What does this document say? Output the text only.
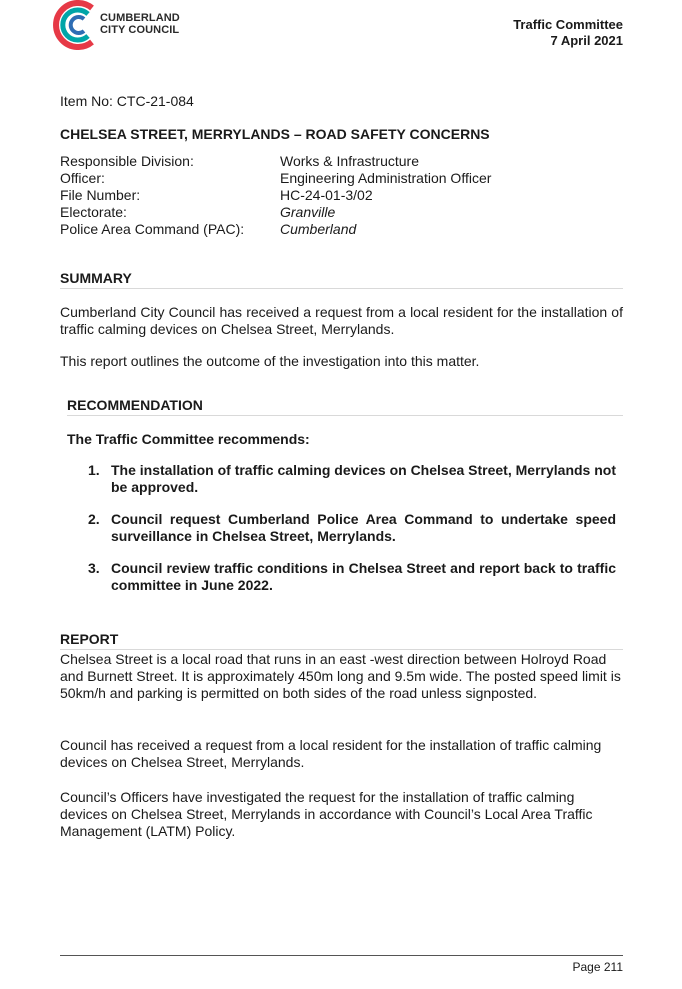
CUMBERLAND
CITY COUNCIL	Traffic Committee
7 April 2021
Item No: CTC-21-084
CHELSEA STREET, MERRYLANDS – ROAD SAFETY CONCERNS
Responsible Division:	Works & Infrastructure
Officer:	Engineering Administration Officer
File Number:	HC-24-01-3/02
Electorate:	Granville
Police Area Command (PAC):	Cumberland
SUMMARY
Cumberland City Council has received a request from a local resident for the installation of traffic calming devices on Chelsea Street, Merrylands.
This report outlines the outcome of the investigation into this matter.
RECOMMENDATION
The Traffic Committee recommends:
1. The installation of traffic calming devices on Chelsea Street, Merrylands not be approved.
2. Council request Cumberland Police Area Command to undertake speed surveillance in Chelsea Street, Merrylands.
3. Council review traffic conditions in Chelsea Street and report back to traffic committee in June 2022.
REPORT
Chelsea Street is a local road that runs in an east -west direction between Holroyd Road and Burnett Street. It is approximately 450m long and 9.5m wide. The posted speed limit is 50km/h and parking is permitted on both sides of the road unless signposted.
Council has received a request from a local resident for the installation of traffic calming devices on Chelsea Street, Merrylands.
Council’s Officers have investigated the request for the installation of traffic calming devices on Chelsea Street, Merrylands in accordance with Council’s Local Area Traffic Management (LATM) Policy.
Page 211
